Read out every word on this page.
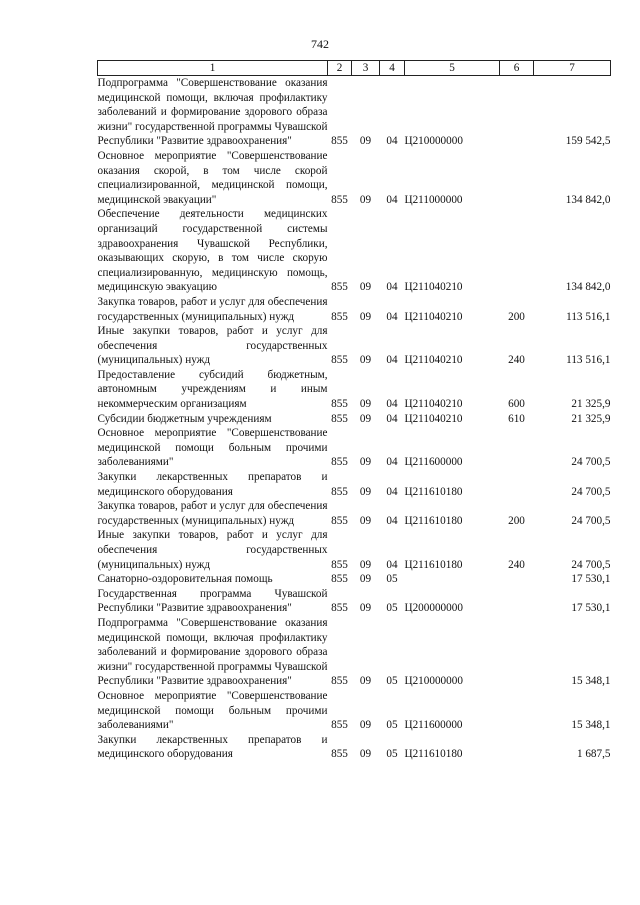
742
1	2	3	4	5	6	7
Подпрограмма "Совершенствование оказания медицинской помощи, включая профилактику заболеваний и формирование здорового образа жизни" государственной программы Чувашской Республики "Развитие здравоохранения"	855	09	04	Ц210000000		159 542,5
Основное мероприятие "Совершенствование оказания скорой, в том числе скорой специализированной, медицинской помощи, медицинской эвакуации"	855	09	04	Ц211000000		134 842,0
Обеспечение деятельности медицинских организаций государственной системы здравоохранения Чувашской Республики, оказывающих скорую, в том числе скорую специализированную, медицинскую помощь, медицинскую эвакуацию	855	09	04	Ц211040210		134 842,0
Закупка товаров, работ и услуг для обеспечения государственных (муниципальных) нужд	855	09	04	Ц211040210	200	113 516,1
Иные закупки товаров, работ и услуг для обеспечения государственных (муниципальных) нужд	855	09	04	Ц211040210	240	113 516,1
Предоставление субсидий бюджетным, автономным учреждениям и иным некоммерческим организациям	855	09	04	Ц211040210	600	21 325,9
Субсидии бюджетным учреждениям	855	09	04	Ц211040210	610	21 325,9
Основное мероприятие "Совершенствование медицинской помощи больным прочими заболеваниями"	855	09	04	Ц211600000		24 700,5
Закупки лекарственных препаратов и медицинского оборудования	855	09	04	Ц211610180		24 700,5
Закупка товаров, работ и услуг для обеспечения государственных (муниципальных) нужд	855	09	04	Ц211610180	200	24 700,5
Иные закупки товаров, работ и услуг для обеспечения государственных (муниципальных) нужд	855	09	04	Ц211610180	240	24 700,5
Санаторно-оздоровительная помощь	855	09	05			17 530,1
Государственная программа Чувашской Республики "Развитие здравоохранения"	855	09	05	Ц200000000		17 530,1
Подпрограмма "Совершенствование оказания медицинской помощи, включая профилактику заболеваний и формирование здорового образа жизни" государственной программы Чувашской Республики "Развитие здравоохранения"	855	09	05	Ц210000000		15 348,1
Основное мероприятие "Совершенствование медицинской помощи больным прочими заболеваниями"	855	09	05	Ц211600000		15 348,1
Закупки лекарственных препаратов и медицинского оборудования	855	09	05	Ц211610180		1 687,5
